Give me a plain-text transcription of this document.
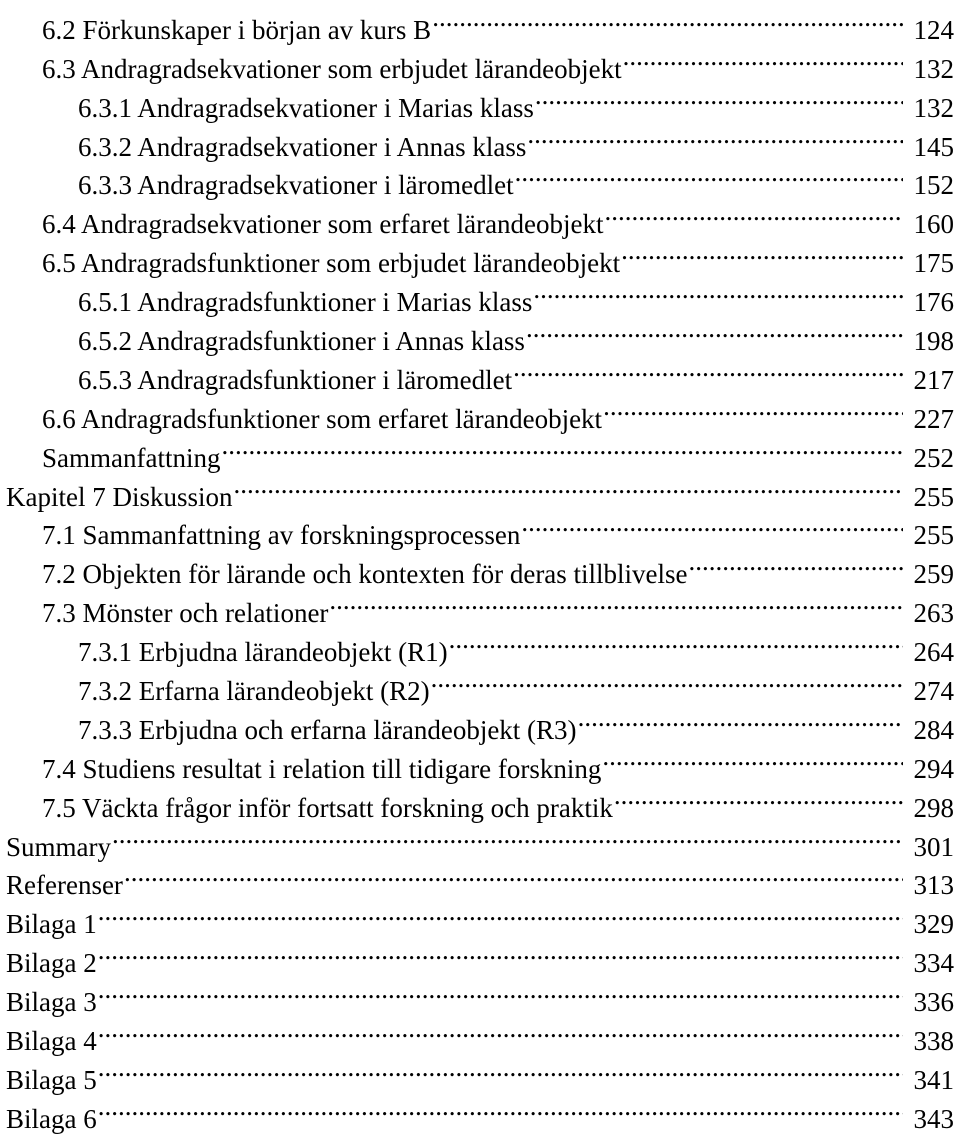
6.2 Förkunskaper i början av kurs B .....	124
6.3 Andragradsekvationer som erbjudet lärandeobjekt .....	132
6.3.1 Andragradsekvationer i Marias klass .....	132
6.3.2 Andragradsekvationer i Annas klass .....	145
6.3.3 Andragradsekvationer i läromedlet .....	152
6.4 Andragradsekvationer som erfaret lärandeobjekt .....	160
6.5 Andragradsfunktioner som erbjudet lärandeobjekt .....	175
6.5.1 Andragradsfunktioner i Marias klass .....	176
6.5.2 Andragradsfunktioner i Annas klass .....	198
6.5.3 Andragradsfunktioner i läromedlet .....	217
6.6 Andragradsfunktioner som erfaret lärandeobjekt .....	227
Sammanfattning .....	252
Kapitel 7 Diskussion .....	255
7.1 Sammanfattning av forskningsprocessen .....	255
7.2 Objekten för lärande och kontexten för deras tillblivelse .....	259
7.3 Mönster och relationer .....	263
7.3.1 Erbjudna lärandeobjekt (R1) .....	264
7.3.2 Erfarna lärandeobjekt (R2) .....	274
7.3.3 Erbjudna och erfarna lärandeobjekt (R3) .....	284
7.4 Studiens resultat i relation till tidigare forskning .....	294
7.5 Väckta frågor inför fortsatt forskning och praktik .....	298
Summary .....	301
Referenser .....	313
Bilaga 1 .....	329
Bilaga 2 .....	334
Bilaga 3 .....	336
Bilaga 4 .....	338
Bilaga 5 .....	341
Bilaga 6 .....	343
